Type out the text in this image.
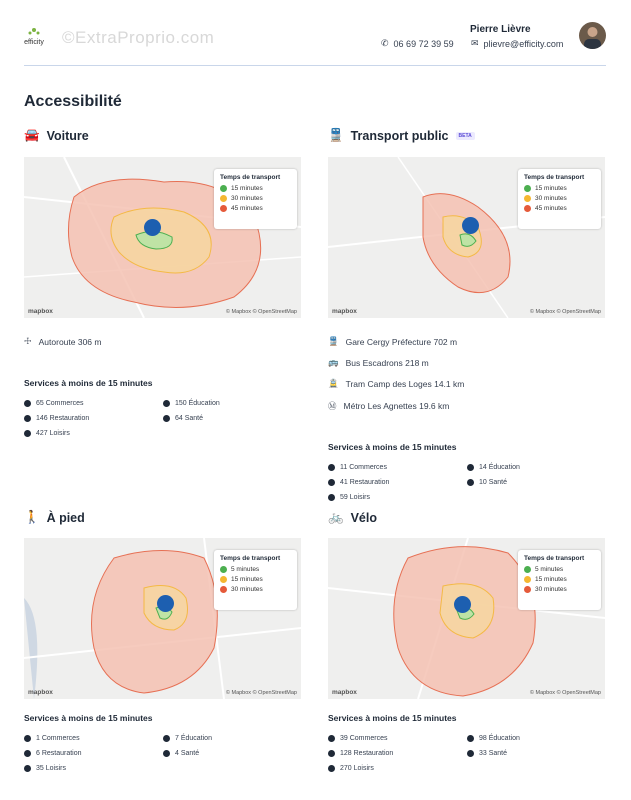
efficity ©ExtraProprio.com	Pierre Lièvre
✆ 06 69 72 39 59 ✉ plievre@efficity.com
Accessibilité
🚘 Voiture
Temps de transport
15 minutes
30 minutes
45 minutes
mapbox	© Mapbox © OpenStreetMap
☩ Autoroute 306 m
Services à moins de 15 minutes
65 Commerces	150 Éducation
146 Restauration	64 Santé
427 Loisirs
🚆 Transport public	BETA
Temps de transport
15 minutes
30 minutes
45 minutes
mapbox	© Mapbox © OpenStreetMap
🚆 Gare Cergy Préfecture 702 m
🚌 Bus Escadrons 218 m
🚊 Tram Camp des Loges 14.1 km
Ⓜ Métro Les Agnettes 19.6 km
Services à moins de 15 minutes
11 Commerces	14 Éducation
41 Restauration	10 Santé
59 Loisirs
🚶 À pied
Temps de transport
5 minutes
15 minutes
30 minutes
mapbox	© Mapbox © OpenStreetMap
Services à moins de 15 minutes
1 Commerces	7 Éducation
6 Restauration	4 Santé
35 Loisirs
🚲 Vélo
Temps de transport
5 minutes
15 minutes
30 minutes
mapbox	© Mapbox © OpenStreetMap
Services à moins de 15 minutes
39 Commerces	98 Éducation
128 Restauration	33 Santé
270 Loisirs
